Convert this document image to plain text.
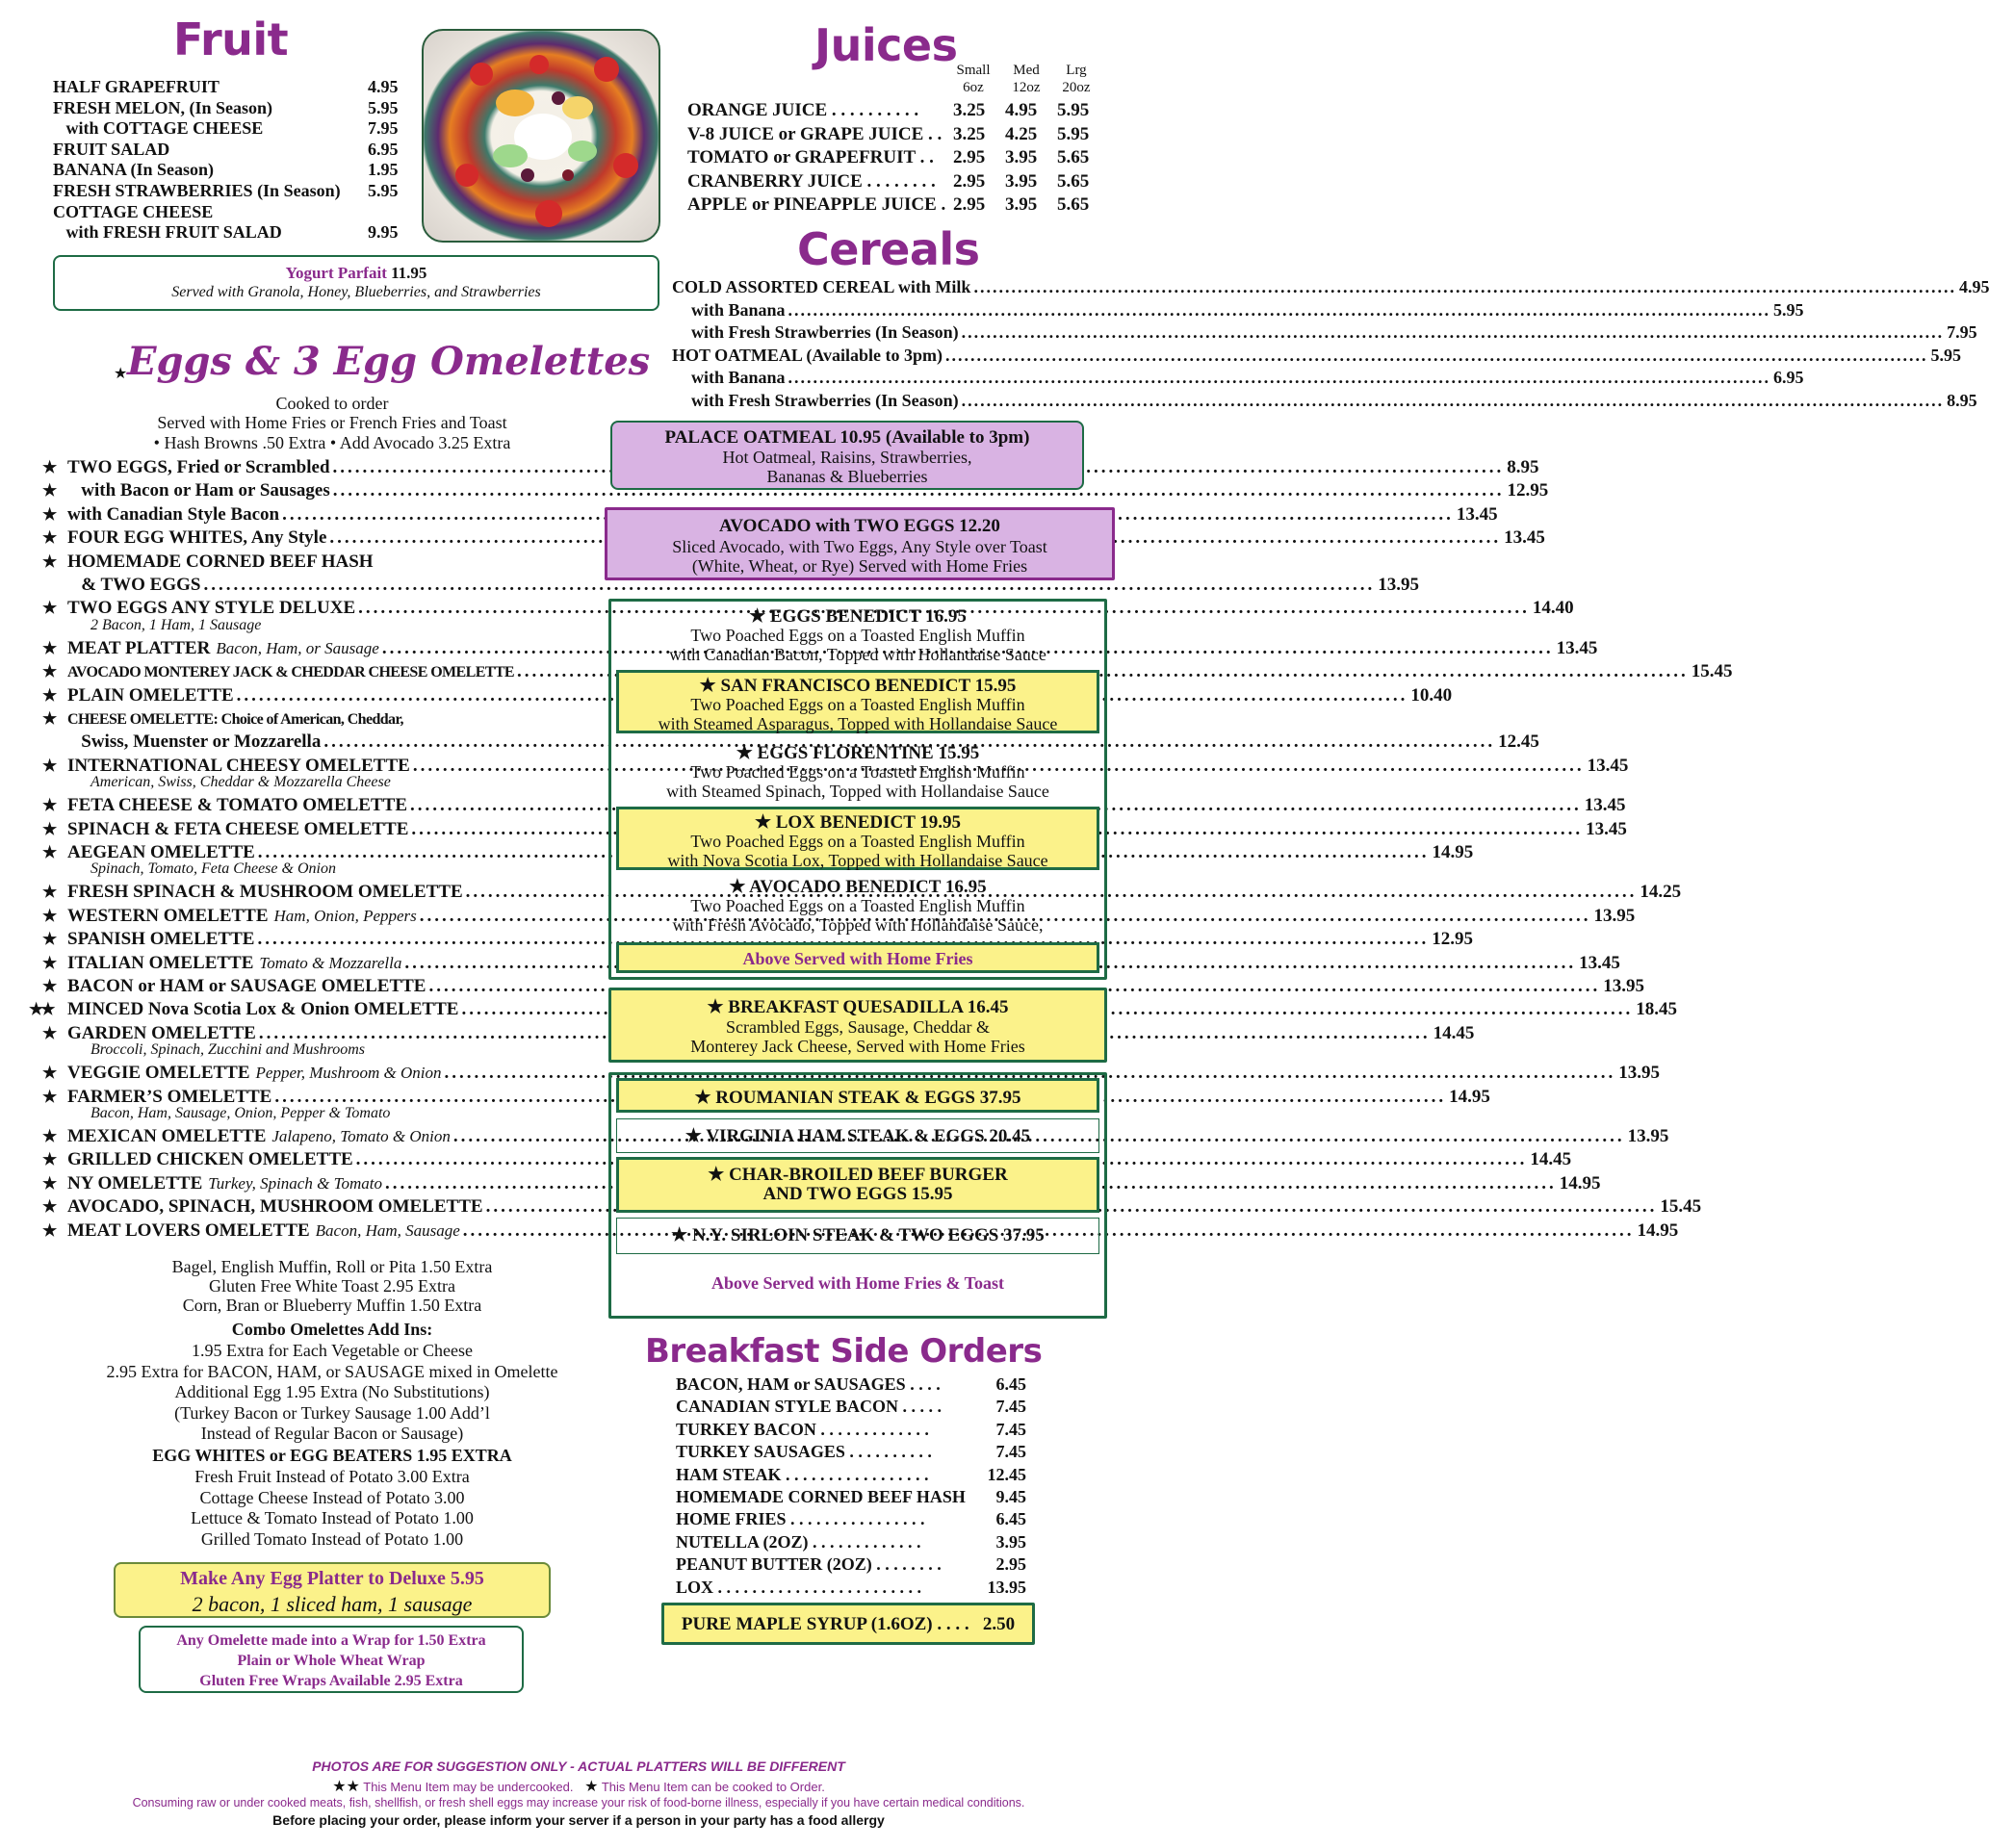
Fruit
HALF GRAPEFRUIT	4.95
FRESH MELON, (In Season)	5.95
with COTTAGE CHEESE	7.95
FRUIT SALAD	6.95
BANANA (In Season)	1.95
FRESH STRAWBERRIES (In Season) 5.95
COTTAGE CHEESE
with FRESH FRUIT SALAD	9.95
Yogurt Parfait 11.95
Served with Granola, Honey, Blueberries, and Strawberries
★ Eggs & 3 Egg Omelettes
Cooked to order
Served with Home Fries or French Fries and Toast
• Hash Browns .50 Extra • Add Avocado 3.25 Extra
★ TWO EGGS, Fried or Scrambled .....	8.95
★ with Bacon or Ham or Sausages .....	12.95
★ with Canadian Style Bacon .....	13.45
★ FOUR EGG WHITES, Any Style .....	13.45
★ HOMEMADE CORNED BEEF HASH
& TWO EGGS .....	13.95
★ TWO EGGS ANY STYLE DELUXE .....	14.40
2 Bacon, 1 Ham, 1 Sausage
★ MEAT PLATTER Bacon, Ham, or Sausage .....	13.45
★ AVOCADO MONTEREY JACK & CHEDDAR CHEESE OMELETTE .....	15.45
★ PLAIN OMELETTE .....	10.40
★ CHEESE OMELETTE: Choice of American, Cheddar,
Swiss, Muenster or Mozzarella .....	12.45
★ INTERNATIONAL CHEESY OMELETTE .....	13.45
American, Swiss, Cheddar & Mozzarella Cheese
★ FETA CHEESE & TOMATO OMELETTE .....	13.45
★ SPINACH & FETA CHEESE OMELETTE .....	13.45
★ AEGEAN OMELETTE .....	14.95
Spinach, Tomato, Feta Cheese & Onion
★ FRESH SPINACH & MUSHROOM OMELETTE .....	14.25
★ WESTERN OMELETTE Ham, Onion, Peppers .....	13.95
★ SPANISH OMELETTE .....	12.95
★ ITALIAN OMELETTE Tomato & Mozzarella .....	13.45
★ BACON or HAM or SAUSAGE OMELETTE .....	13.95
★★ MINCED Nova Scotia Lox & Onion OMELETTE .....	18.45
★ GARDEN OMELETTE .....	14.45
Broccoli, Spinach, Zucchini and Mushrooms
★ VEGGIE OMELETTE Pepper, Mushroom & Onion .....	13.95
★ FARMER’S OMELETTE .....	14.95
Bacon, Ham, Sausage, Onion, Pepper & Tomato
★ MEXICAN OMELETTE Jalapeno, Tomato & Onion .....	13.95
★ GRILLED CHICKEN OMELETTE .....	14.45
★ NY OMELETTE Turkey, Spinach & Tomato .....	14.95
★ AVOCADO, SPINACH, MUSHROOM OMELETTE .....	15.45
★ MEAT LOVERS OMELETTE Bacon, Ham, Sausage .....	14.95
Bagel, English Muffin, Roll or Pita 1.50 Extra
Gluten Free White Toast 2.95 Extra
Corn, Bran or Blueberry Muffin 1.50 Extra
Combo Omelettes Add Ins:
1.95 Extra for Each Vegetable or Cheese
2.95 Extra for BACON, HAM, or SAUSAGE mixed in Omelette
Additional Egg 1.95 Extra (No Substitutions)
(Turkey Bacon or Turkey Sausage 1.00 Add’l
Instead of Regular Bacon or Sausage)
EGG WHITES or EGG BEATERS 1.95 EXTRA
Fresh Fruit Instead of Potato 3.00 Extra
Cottage Cheese Instead of Potato 3.00
Lettuce & Tomato Instead of Potato 1.00
Grilled Tomato Instead of Potato 1.00
Make Any Egg Platter to Deluxe 5.95
2 bacon, 1 sliced ham, 1 sausage
Any Omelette made into a Wrap for 1.50 Extra
Plain or Whole Wheat Wrap
Gluten Free Wraps Available 2.95 Extra
Juices Small	Med	Lrg
6oz	12oz	20oz
ORANGE JUICE . . . . . . . . . . 3.25 4.95 5.95
V-8 JUICE or GRAPE JUICE . . 3.25 4.25 5.95
TOMATO or GRAPEFRUIT . . 2.95 3.95 5.65
CRANBERRY JUICE . . . . . . . . 2.95 3.95 5.65
APPLE or PINEAPPLE JUICE . 2.95 3.95 5.65
Cereals
COLD ASSORTED CEREAL with Milk .....	4.95
with Banana .....	5.95
with Fresh Strawberries (In Season) .....	7.95
HOT OATMEAL (Available to 3pm) .....	5.95
with Banana .....	6.95
with Fresh Strawberries (In Season) .....	8.95
PALACE OATMEAL 10.95 (Available to 3pm)
Hot Oatmeal, Raisins, Strawberries,
Bananas & Blueberries
AVOCADO with TWO EGGS 12.20
Sliced Avocado, with Two Eggs, Any Style over Toast
(White, Wheat, or Rye) Served with Home Fries
★ EGGS BENEDICT 16.95
Two Poached Eggs on a Toasted English Muffin
with Canadian Bacon, Topped with Hollandaise Sauce
★ SAN FRANCISCO BENEDICT 15.95
Two Poached Eggs on a Toasted English Muffin
with Steamed Asparagus, Topped with Hollandaise Sauce
★ EGGS FLORENTINE 15.95
Two Poached Eggs on a Toasted English Muffin
with Steamed Spinach, Topped with Hollandaise Sauce
★ LOX BENEDICT 19.95
Two Poached Eggs on a Toasted English Muffin
with Nova Scotia Lox, Topped with Hollandaise Sauce
★ AVOCADO BENEDICT 16.95
Two Poached Eggs on a Toasted English Muffin
with Fresh Avocado, Topped with Hollandaise Sauce,
Above Served with Home Fries
★ BREAKFAST QUESADILLA 16.45
Scrambled Eggs, Sausage, Cheddar &
Monterey Jack Cheese, Served with Home Fries
★ ROUMANIAN STEAK & EGGS 37.95
★ VIRGINIA HAM STEAK & EGGS 20.45
★ CHAR-BROILED BEEF BURGER
AND TWO EGGS 15.95
★ N.Y. SIRLOIN STEAK & TWO EGGS 37.95
Above Served with Home Fries & Toast
Breakfast Side Orders
BACON, HAM or SAUSAGES . . . .	6.45
CANADIAN STYLE BACON . . . . .	7.45
TURKEY BACON . . . . . . . . . . . . .	7.45
TURKEY SAUSAGES . . . . . . . . . .	7.45
HAM STEAK . . . . . . . . . . . . . . . . .	12.45
HOMEMADE CORNED BEEF HASH	9.45
HOME FRIES . . . . . . . . . . . . . . . .	6.45
NUTELLA (2OZ) . . . . . . . . . . . . .	3.95
PEANUT BUTTER (2OZ) . . . . . . . .	2.95
LOX . . . . . . . . . . . . . . . . . . . . . . . .	13.95
PURE MAPLE SYRUP (1.6OZ) . . . .   2.50
PHOTOS ARE FOR SUGGESTION ONLY - ACTUAL PLATTERS WILL BE DIFFERENT
★★ This Menu Item may be undercooked. ★ This Menu Item can be cooked to Order.
Consuming raw or under cooked meats, fish, shellfish, or fresh shell eggs may increase your risk of food-borne illness, especially if you have certain medical conditions.
Before placing your order, please inform your server if a person in your party has a food allergy
